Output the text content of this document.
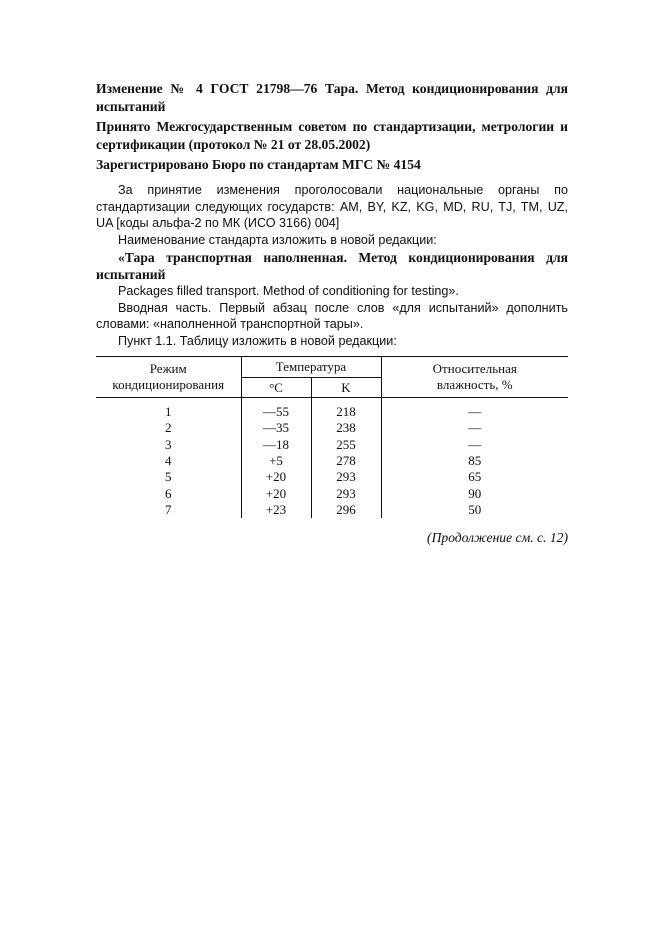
Изменение № 4 ГОСТ 21798—76 Тара. Метод кондиционирования для испытаний

Принято Межгосударственным советом по стандартизации, метрологии и сертификации (протокол № 21 от 28.05.2002)

Зарегистрировано Бюро по стандартам МГС № 4154

За принятие изменения проголосовали национальные органы по стандартизации следующих государств: AM, BY, KZ, KG, MD, RU, TJ, TM, UZ, UA [коды альфа-2 по МК (ИСО 3166) 004]

Наименование стандарта изложить в новой редакции:

«Тара транспортная наполненная. Метод кондиционирования для испытаний

Packages filled transport. Method of conditioning for testing».

Вводная часть. Первый абзац после слов «для испытаний» дополнить словами: «наполненной транспортной тары».

Пункт 1.1. Таблицу изложить в новой редакции:

Режим кондиционирования	Температура		Относительная влажность, %
	°C	K	
1	—55	218	—
2	—35	238	—
3	—18	255	—
4	+5	278	85
5	+20	293	65
6	+20	293	90
7	+23	296	50
(Продолжение см. с. 12)
